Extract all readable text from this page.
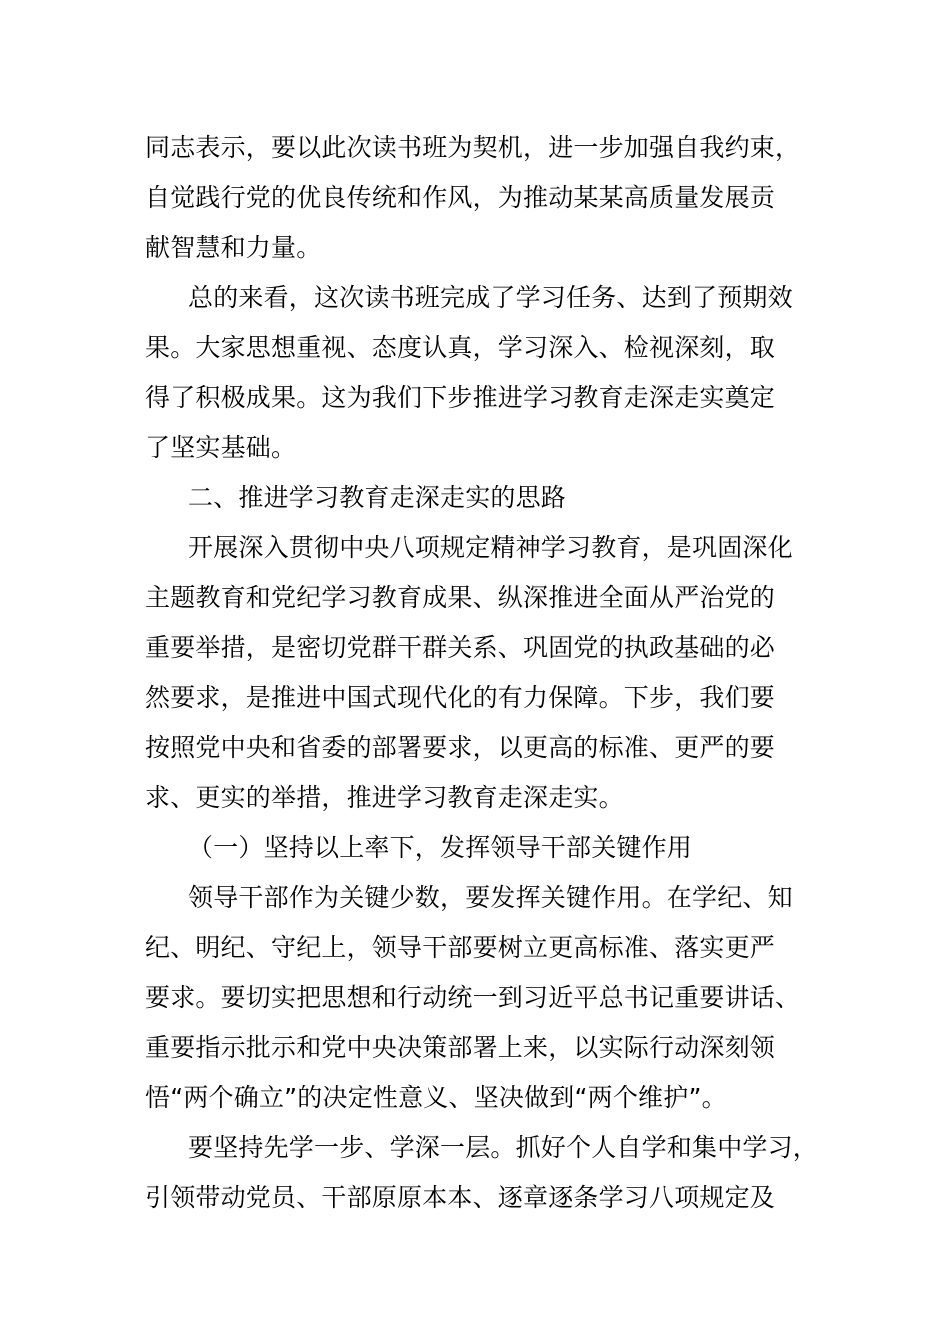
同志表示，要以此次读书班为契机，进一步加强自我约束，
自觉践行党的优良传统和作风，为推动某某高质量发展贡
献智慧和力量。
总的来看，这次读书班完成了学习任务、达到了预期效
果。大家思想重视、态度认真，学习深入、检视深刻，取
得了积极成果。这为我们下步推进学习教育走深走实奠定
了坚实基础。
二、推进学习教育走深走实的思路
开展深入贯彻中央八项规定精神学习教育，是巩固深化
主题教育和党纪学习教育成果、纵深推进全面从严治党的
重要举措，是密切党群干群关系、巩固党的执政基础的必
然要求，是推进中国式现代化的有力保障。下步，我们要
按照党中央和省委的部署要求，以更高的标准、更严的要
求、更实的举措，推进学习教育走深走实。
（一）坚持以上率下，发挥领导干部关键作用
领导干部作为关键少数，要发挥关键作用。在学纪、知
纪、明纪、守纪上，领导干部要树立更高标准、落实更严
要求。要切实把思想和行动统一到习近平总书记重要讲话、
重要指示批示和党中央决策部署上来，以实际行动深刻领
悟“两个确立”的决定性意义、坚决做到“两个维护”。
要坚持先学一步、学深一层。抓好个人自学和集中学习，
引领带动党员、干部原原本本、逐章逐条学习八项规定及
